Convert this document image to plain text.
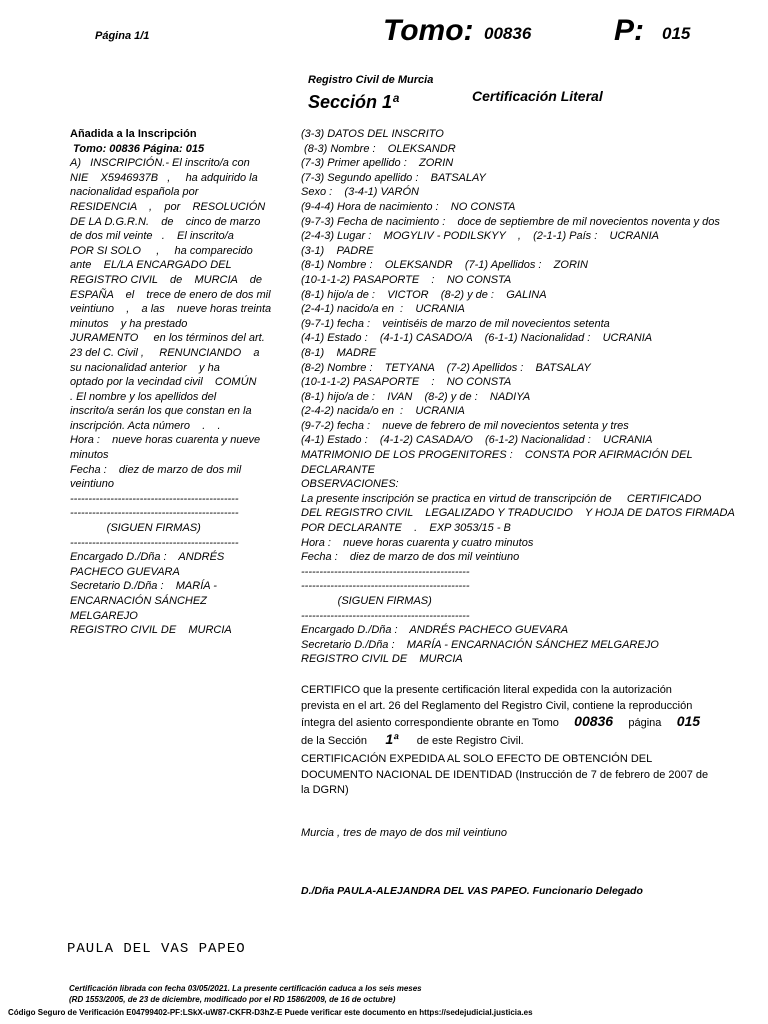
Página 1/1	Tomo: 00836	P: 015
Registro Civil de Murcia
Sección 1ª	Certificación Literal
Añadida a la Inscripción
Tomo: 00836 Página: 015
A)   INSCRIPCIÓN.- El inscrito/a con
NIE    X5946937B   ,     ha adquirido la
nacionalidad española por
RESIDENCIA    ,    por    RESOLUCIÓN
DE LA D.G.R.N.    de    cinco de marzo
de dos mil veinte   .    El inscrito/a
POR SI SOLO     ,     ha comparecido
ante    EL/LA ENCARGADO DEL
REGISTRO CIVIL    de    MURCIA    de
ESPAÑA    el    trece de enero de dos mil
veintiuno    ,    a las    nueve horas treinta
minutos    y ha prestado
JURAMENTO     en los términos del art.
23 del C. Civil ,     RENUNCIANDO    a
su nacionalidad anterior    y ha
optado por la vecindad civil    COMÚN
. El nombre y los apellidos del
inscrito/a serán los que constan en la
inscripción. Acta número    .    .
Hora :    nueve horas cuarenta y nueve
minutos
Fecha :    diez de marzo de dos mil
veintiuno
----------------------------------------------
----------------------------------------------
(SIGUEN FIRMAS)
----------------------------------------------
Encargado D./Dña :    ANDRÉS
PACHECO GUEVARA
Secretario D./Dña :    MARÍA -
ENCARNACIÓN SÁNCHEZ
MELGAREJO
REGISTRO CIVIL DE    MURCIA
(3-3) DATOS DEL INSCRITO
(8-3) Nombre :    OLEKSANDR
(7-3) Primer apellido :    ZORIN
(7-3) Segundo apellido :    BATSALAY
Sexo :    (3-4-1) VARÓN
(9-4-4) Hora de nacimiento :    NO CONSTA
(9-7-3) Fecha de nacimiento :    doce de septiembre de mil novecientos noventa y dos
(2-4-3) Lugar :    MOGYLIV - PODILSKYY    ,    (2-1-1) País :    UCRANIA
(3-1)    PADRE
(8-1) Nombre :    OLEKSANDR    (7-1) Apellidos :    ZORIN
(10-1-1-2) PASAPORTE    :    NO CONSTA
(8-1) hijo/a de :    VICTOR    (8-2) y de :    GALINA
(2-4-1) nacido/a en  :    UCRANIA
(9-7-1) fecha :    veintiséis de marzo de mil novecientos setenta
(4-1) Estado :    (4-1-1) CASADO/A    (6-1-1) Nacionalidad :    UCRANIA
(8-1)    MADRE
(8-2) Nombre :    TETYANA    (7-2) Apellidos :    BATSALAY
(10-1-1-2) PASAPORTE    :    NO CONSTA
(8-1) hijo/a de :    IVAN    (8-2) y de :    NADIYA
(2-4-2) nacida/o en  :    UCRANIA
(9-7-2) fecha :    nueve de febrero de mil novecientos setenta y tres
(4-1) Estado :    (4-1-2) CASADA/O    (6-1-2) Nacionalidad :    UCRANIA
MATRIMONIO DE LOS PROGENITORES :    CONSTA POR AFIRMACIÓN DEL
DECLARANTE
OBSERVACIONES:
La presente inscripción se practica en virtud de transcripción de     CERTIFICADO
DEL REGISTRO CIVIL    LEGALIZADO Y TRADUCIDO    Y HOJA DE DATOS FIRMADA
POR DECLARANTE    .    EXP 3053/15 - B
Hora :    nueve horas cuarenta y cuatro minutos
Fecha :    diez de marzo de dos mil veintiuno
----------------------------------------------
----------------------------------------------
(SIGUEN FIRMAS)
----------------------------------------------
Encargado D./Dña :    ANDRÉS PACHECO GUEVARA
Secretario D./Dña :    MARÍA - ENCARNACIÓN SÁNCHEZ MELGAREJO
REGISTRO CIVIL DE    MURCIA
CERTIFICO que la presente certificación literal expedida con la autorización
prevista en el art. 26 del Reglamento del Registro Civil, contiene la reproducción
íntegra del asiento correspondiente obrante en Tomo 00836 página 015
de la Sección 1ª de este Registro Civil.
CERTIFICACIÓN EXPEDIDA AL SOLO EFECTO DE OBTENCIÓN DEL
DOCUMENTO NACIONAL DE IDENTIDAD (Instrucción de 7 de febrero de 2007 de
la DGRN)
Murcia , tres de mayo de dos mil veintiuno
D./Dña PAULA-ALEJANDRA DEL VAS PAPEO. Funcionario Delegado
PAULA DEL VAS PAPEO
Certificación librada con fecha 03/05/2021. La presente certificación caduca a los seis meses
(RD 1553/2005, de 23 de diciembre, modificado por el RD 1586/2009, de 16 de octubre)
Código Seguro de Verificación E04799402-PF:LSkX-uW87-CKFR-D3hZ-E Puede verificar este documento en https://sedejudicial.justicia.es
